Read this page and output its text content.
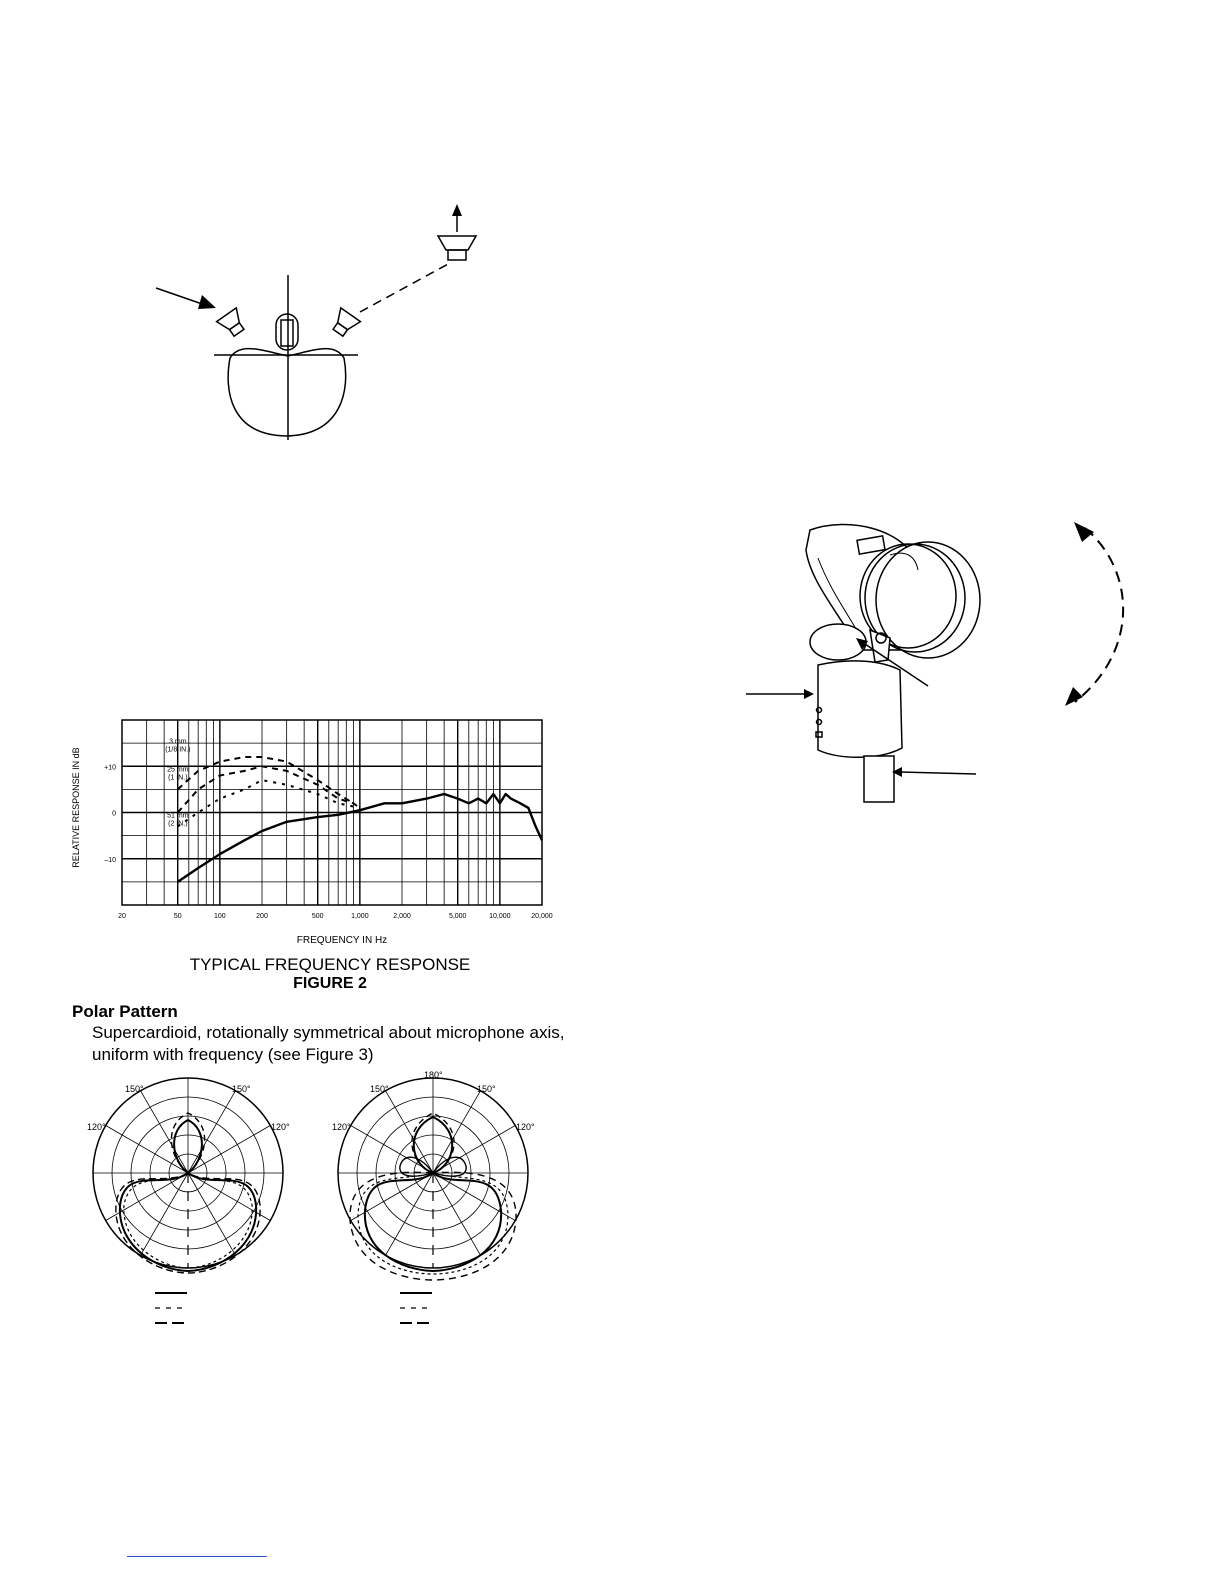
20	50	100	200	500	1,000	2,000	5,000	10,000	20,000
+10
0
–10
FREQUENCY IN Hz
RELATIVE RESPONSE IN dB
3 mm
(1/8 IN.)
25 mm
(1 IN.)
51 mm
(2 IN.)
TYPICAL FREQUENCY RESPONSE
FIGURE 2
Polar Pattern
Supercardioid, rotationally symmetrical about microphone axis, uniform with frequency (see Figure 3)
150°	150°
120°	120°
180°
150°	150°
120°	120°
